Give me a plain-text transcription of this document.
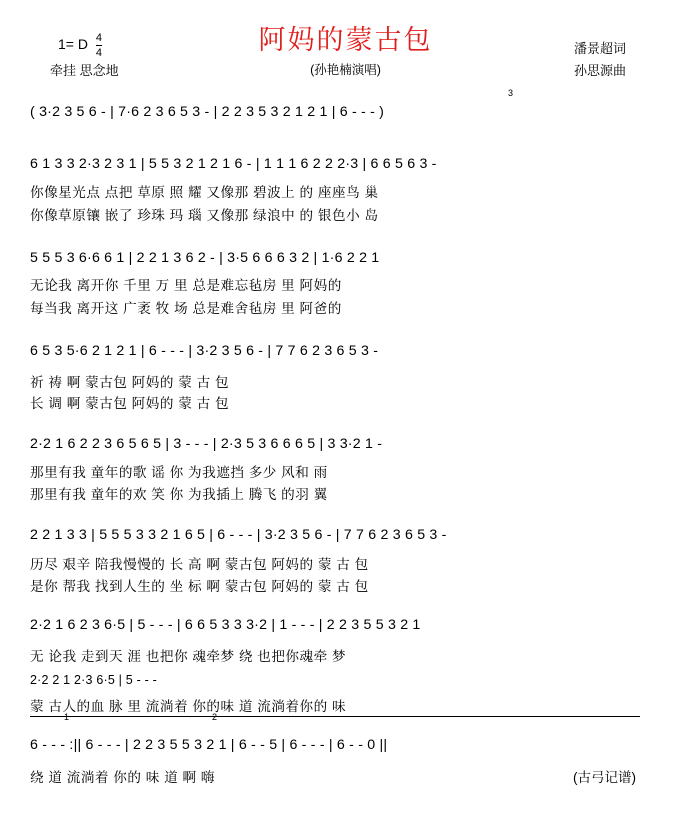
阿妈的蒙古包
1= D $\frac{4}{4}$
牵挂 思念地	(孙艳楠演唱)
潘景超词
孙思源曲
( 3·2 3 5 6 - | 7·6 2 3 6 5 3 - | 2 2 3 5 3 2 1 2 1 | 6 - - - )
3
6 1 3 3 2·3 2 3 1 | 5 5 3 2 1 2 1 6 - | 1 1 1 6 2 2 2·3 | 6 6 5 6 3 -
你像星光点 点把 草原 照 耀 又像那 碧波上 的 座座鸟 巢
你像草原镶 嵌了 珍珠 玛 瑙 又像那 绿浪中 的 银色小 岛
5 5 5 3 6·6 6 1 | 2 2 1 3 6 2 - | 3·5 6 6 6 3 2 | 1·6 2 2 1
无论我 离开你 千里 万 里 总是难忘毡房 里 阿妈的
每当我 离开这 广袤 牧 场 总是难舍毡房 里 阿爸的
6 5 3 5·6 2 1 2 1 | 6 - - - | 3·2 3 5 6 - | 7 7 6 2 3 6 5 3 -
祈 祷 啊 蒙古包 阿妈的 蒙 古 包
长 调 啊 蒙古包 阿妈的 蒙 古 包
2·2 1 6 2 2 3 6 5 6 5 | 3 - - - | 2·3 5 3 6 6 6 5 | 3 3·2 1 -
那里有我 童年的歌 谣 你 为我遮挡 多少 风和 雨
那里有我 童年的欢 笑 你 为我插上 腾飞 的羽 翼
2 2 1 3 3 | 5 5 5 3 3 2 1 6 5 | 6 - - - | 3·2 3 5 6 - | 7 7 6 2 3 6 5 3 -
历尽 艰辛 陪我慢慢的 长 高 啊 蒙古包 阿妈的 蒙 古 包
是你 帮我 找到人生的 坐 标 啊 蒙古包 阿妈的 蒙 古 包
2·2 1 6 2 3 6·5 | 5 - - - | 6 6 5 3 3 3·2 | 1 - - - | 2 2 3 5 5 3 2 1
无 论我 走到天 涯 也把你 魂牵梦 绕 也把你魂牵 梦
2·2 2 1 2·3 6·5 | 5 - - -
蒙 古人的血 脉 里 流淌着 你的味 道 流淌着你的 味
1	2
6 - - - :|| 6 - - - | 2 2 3 5 5 3 2 1 | 6 - - 5 | 6 - - - | 6 - - 0 ||
绕 道 流淌着 你的 味 道 啊 嗨	(古弓记谱)
